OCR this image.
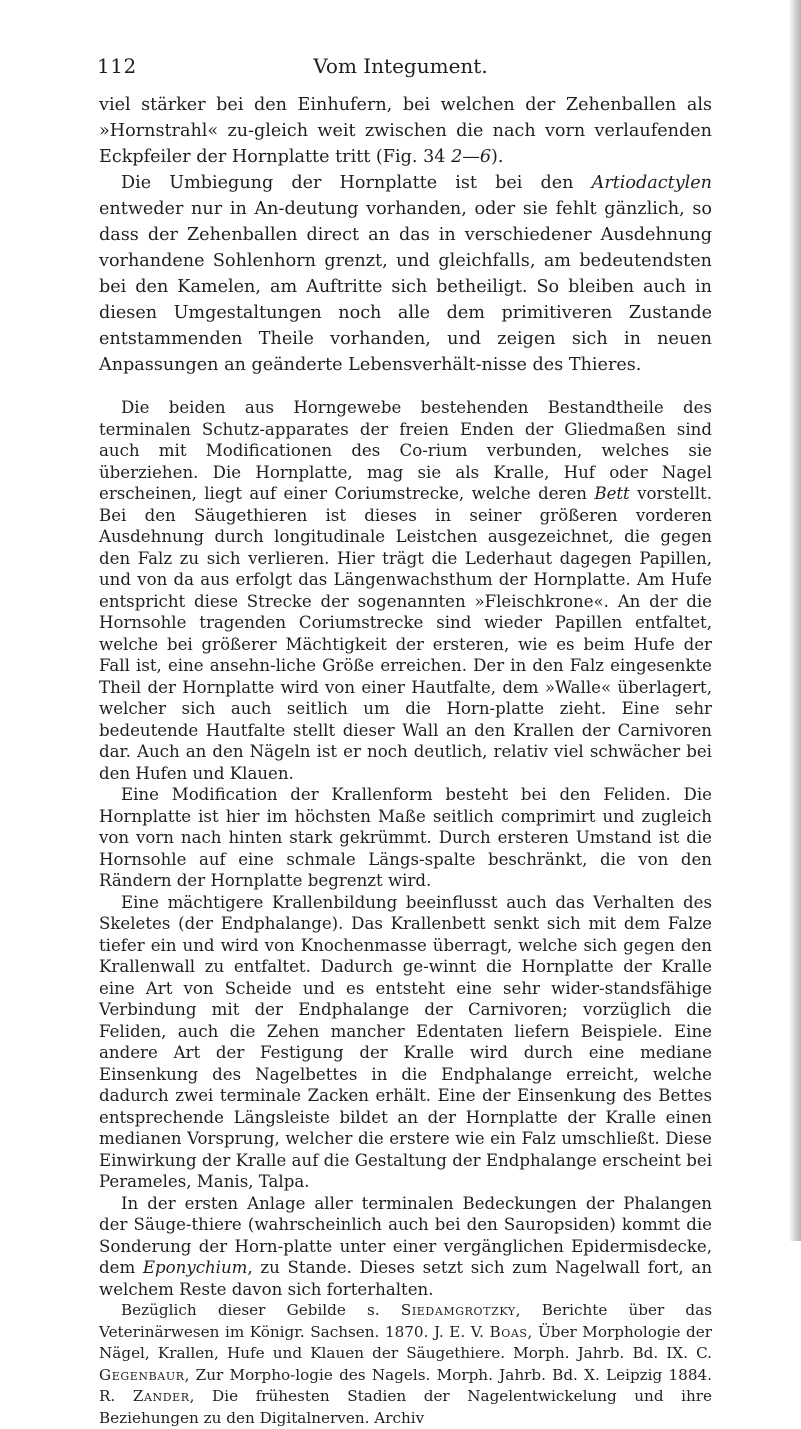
112	Vom Integument.

viel stärker bei den Einhufern, bei welchen der Zehenballen als »Hornstrahl« zu-gleich weit zwischen die nach vorn verlaufenden Eckpfeiler der Hornplatte tritt (Fig. 34 2—6).

Die Umbiegung der Hornplatte ist bei den Artiodactylen entweder nur in An-deutung vorhanden, oder sie fehlt gänzlich, so dass der Zehenballen direct an das in verschiedener Ausdehnung vorhandene Sohlenhorn grenzt, und gleichfalls, am bedeutendsten bei den Kamelen, am Auftritte sich betheiligt. So bleiben auch in diesen Umgestaltungen noch alle dem primitiveren Zustande entstammenden Theile vorhanden, und zeigen sich in neuen Anpassungen an geänderte Lebensverhält-nisse des Thieres.

Die beiden aus Horngewebe bestehenden Bestandtheile des terminalen Schutz-apparates der freien Enden der Gliedmaßen sind auch mit Modificationen des Co-rium verbunden, welches sie überziehen. Die Hornplatte, mag sie als Kralle, Huf oder Nagel erscheinen, liegt auf einer Coriumstrecke, welche deren Bett vorstellt. Bei den Säugethieren ist dieses in seiner größeren vorderen Ausdehnung durch longitudinale Leistchen ausgezeichnet, die gegen den Falz zu sich verlieren. Hier trägt die Lederhaut dagegen Papillen, und von da aus erfolgt das Längenwachsthum der Hornplatte. Am Hufe entspricht diese Strecke der sogenannten »Fleischkrone«. An der die Hornsohle tragenden Coriumstrecke sind wieder Papillen entfaltet, welche bei größerer Mächtigkeit der ersteren, wie es beim Hufe der Fall ist, eine ansehn-liche Größe erreichen. Der in den Falz eingesenkte Theil der Hornplatte wird von einer Hautfalte, dem »Walle« überlagert, welcher sich auch seitlich um die Horn-platte zieht. Eine sehr bedeutende Hautfalte stellt dieser Wall an den Krallen der Carnivoren dar. Auch an den Nägeln ist er noch deutlich, relativ viel schwächer bei den Hufen und Klauen.

Eine Modification der Krallenform besteht bei den Feliden. Die Hornplatte ist hier im höchsten Maße seitlich comprimirt und zugleich von vorn nach hinten stark gekrümmt. Durch ersteren Umstand ist die Hornsohle auf eine schmale Längs-spalte beschränkt, die von den Rändern der Hornplatte begrenzt wird.

Eine mächtigere Krallenbildung beeinflusst auch das Verhalten des Skeletes (der Endphalange). Das Krallenbett senkt sich mit dem Falze tiefer ein und wird von Knochenmasse überragt, welche sich gegen den Krallenwall zu entfaltet. Dadurch ge-winnt die Hornplatte der Kralle eine Art von Scheide und es entsteht eine sehr wider-standsfähige Verbindung mit der Endphalange der Carnivoren; vorzüglich die Feliden, auch die Zehen mancher Edentaten liefern Beispiele. Eine andere Art der Festigung der Kralle wird durch eine mediane Einsenkung des Nagelbettes in die Endphalange erreicht, welche dadurch zwei terminale Zacken erhält. Eine der Einsenkung des Bettes entsprechende Längsleiste bildet an der Hornplatte der Kralle einen medianen Vorsprung, welcher die erstere wie ein Falz umschließt. Diese Einwirkung der Kralle auf die Gestaltung der Endphalange erscheint bei Perameles, Manis, Talpa.

In der ersten Anlage aller terminalen Bedeckungen der Phalangen der Säuge-thiere (wahrscheinlich auch bei den Sauropsiden) kommt die Sonderung der Horn-platte unter einer vergänglichen Epidermisdecke, dem Eponychium, zu Stande. Dieses setzt sich zum Nagelwall fort, an welchem Reste davon sich forterhalten.

Bezüglich dieser Gebilde s. Siedamgrotzky, Berichte über das Veterinärwesen im Königr. Sachsen. 1870. J. E. V. Boas, Über Morphologie der Nägel, Krallen, Hufe und Klauen der Säugethiere. Morph. Jahrb. Bd. IX. C. Gegenbaur, Zur Morpho-logie des Nagels. Morph. Jahrb. Bd. X. Leipzig 1884. R. Zander, Die frühesten Stadien der Nagelentwickelung und ihre Beziehungen zu den Digitalnerven. Archiv
